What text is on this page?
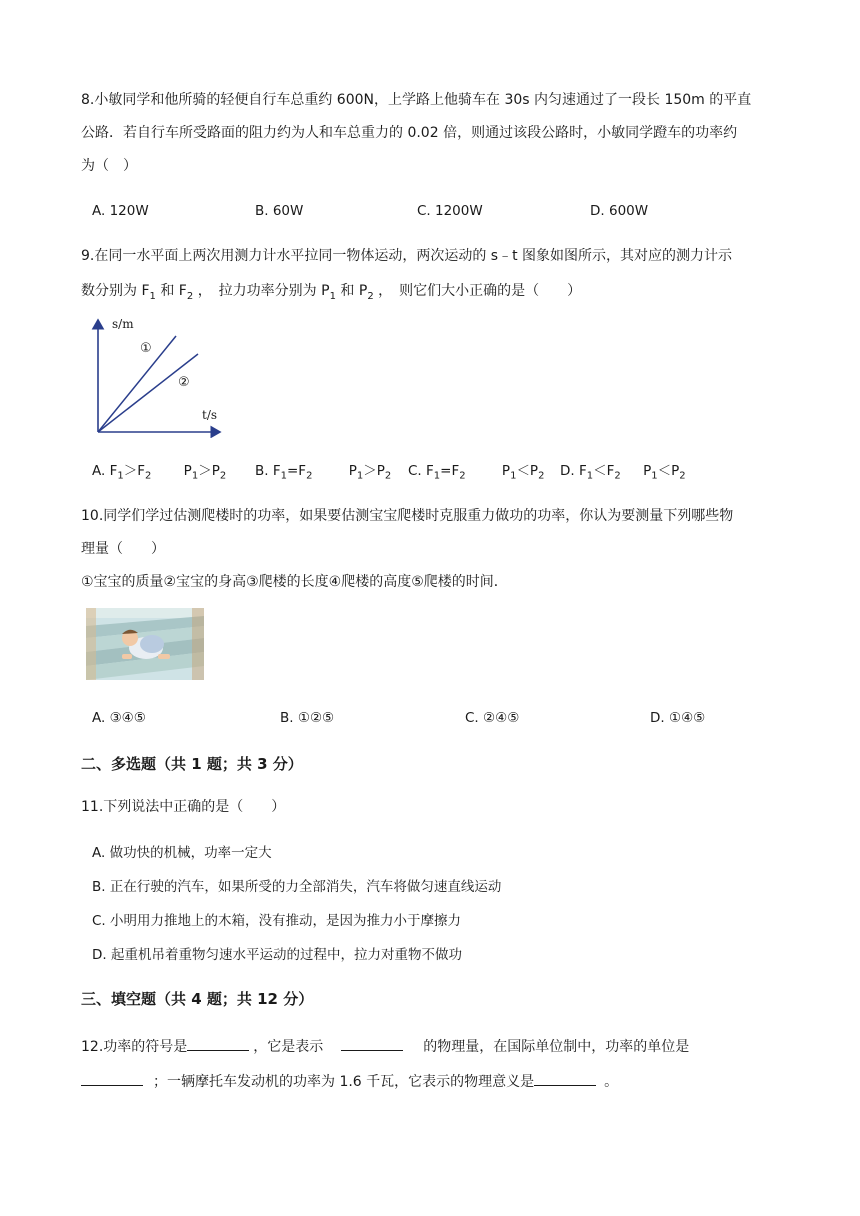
8.小敏同学和他所骑的轻便自行车总重约 600N，上学路上他骑车在 30s 内匀速通过了一段长 150m 的平直
公路．若自行车所受路面的阻力约为人和车总重力的 0.02 倍，则通过该段公路时，小敏同学蹬车的功率约
为（　）
A. 120W	B. 60W	C. 1200W	D. 600W
9.在同一水平面上两次用测力计水平拉同一物体运动，两次运动的 s﹣t 图象如图所示，其对应的测力计示
数分别为 $F_1$ 和 $F_2$ ，　拉力功率分别为 $P_1$ 和 $P_2$ ，　则它们大小正确的是（　　）
s/m
t/s
①
②
A. $F_1>F_2$ $P_1>P_2$ B. $F_1=F_2$	$P_1>P_2$ C. $F_1=F_2$	$P_1<P_2$ D. $F_1<F_2$ $P_1<P_2$
10.同学们学过估测爬楼时的功率，如果要估测宝宝爬楼时克服重力做功的功率，你认为要测量下列哪些物
理量（　　）
①宝宝的质量②宝宝的身高③爬楼的长度④爬楼的高度⑤爬楼的时间．
A. ③④⑤	B. ①②⑤	C. ②④⑤	D. ①④⑤
二、多选题（共 1 题；共 3 分）
11.下列说法中正确的是（　　）
A. 做功快的机械，功率一定大
B. 正在行驶的汽车，如果所受的力全部消失，汽车将做匀速直线运动
C. 小明用力推地上的木箱，没有推动，是因为推力小于摩擦力
D. 起重机吊着重物匀速水平运动的过程中，拉力对重物不做功
三、填空题（共 4 题；共 12 分）
12.功率的符号是	，它是表示	的物理量，在国际单位制中，功率的单位是
；一辆摩托车发动机的功率为 1.6 千瓦，它表示的物理意义是	。
